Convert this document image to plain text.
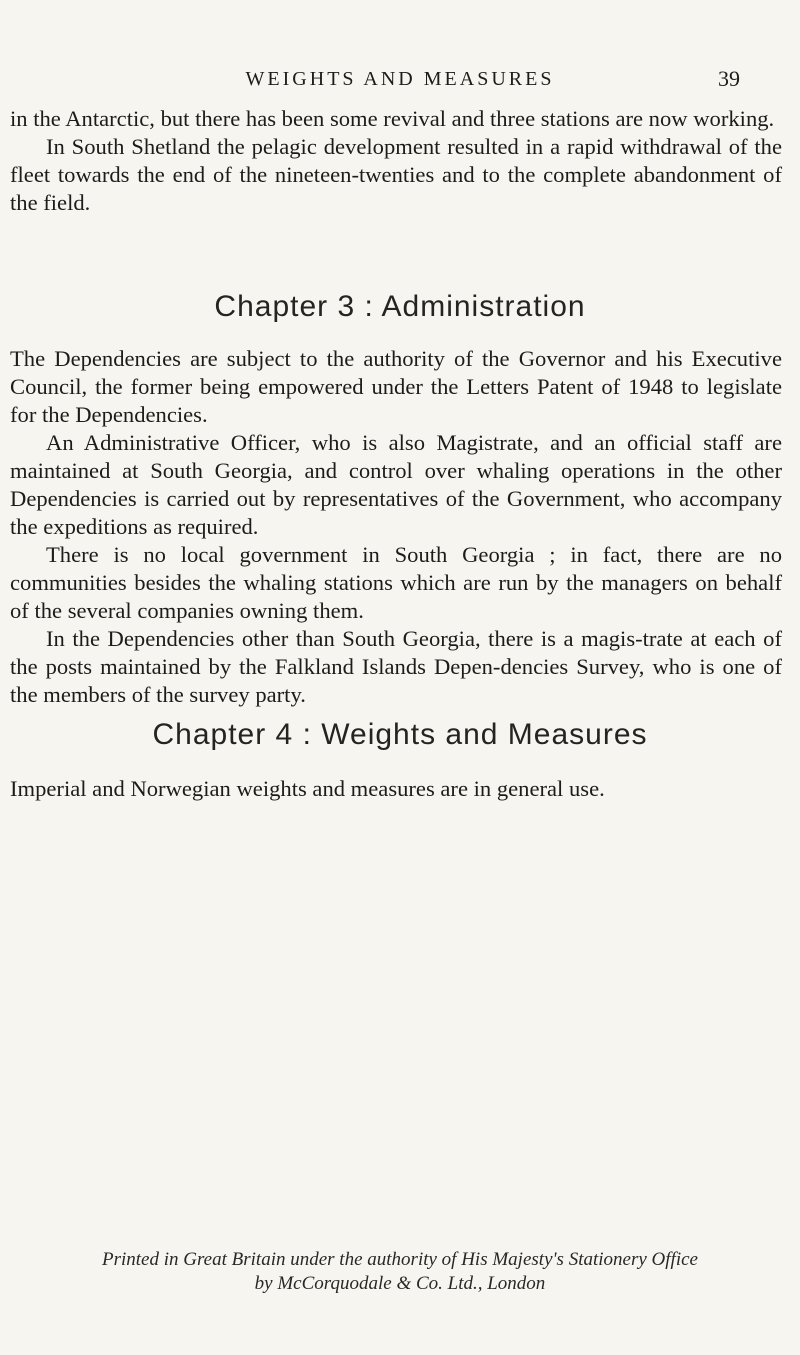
WEIGHTS AND MEASURES	39

in the Antarctic, but there has been some revival and three stations are now working.

In South Shetland the pelagic development resulted in a rapid withdrawal of the fleet towards the end of the nineteen-twenties and to the complete abandonment of the field.

Chapter 3 : Administration

The Dependencies are subject to the authority of the Governor and his Executive Council, the former being empowered under the Letters Patent of 1948 to legislate for the Dependencies.

An Administrative Officer, who is also Magistrate, and an official staff are maintained at South Georgia, and control over whaling operations in the other Dependencies is carried out by representatives of the Government, who accompany the expeditions as required.

There is no local government in South Georgia ; in fact, there are no communities besides the whaling stations which are run by the managers on behalf of the several companies owning them.

In the Dependencies other than South Georgia, there is a magis-trate at each of the posts maintained by the Falkland Islands Depen-dencies Survey, who is one of the members of the survey party.

Chapter 4 : Weights and Measures

Imperial and Norwegian weights and measures are in general use.

Printed in Great Britain under the authority of His Majesty's Stationery Office
by McCorquodale & Co. Ltd., London
